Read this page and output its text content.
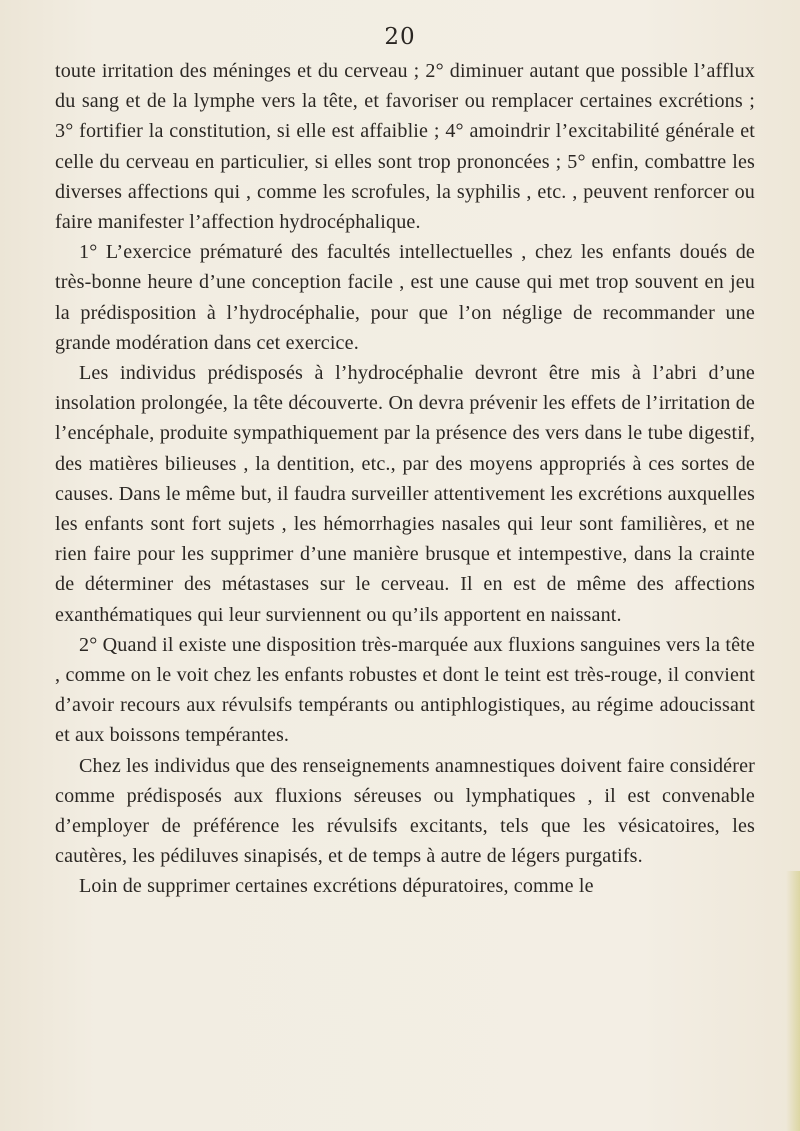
20

toute irritation des méninges et du cerveau ; 2° diminuer autant que possible l’afflux du sang et de la lymphe vers la tête, et favoriser ou remplacer certaines excrétions ; 3° fortifier la constitution, si elle est affaiblie ; 4° amoindrir l’excitabilité générale et celle du cerveau en particulier, si elles sont trop prononcées ; 5° enfin, combattre les diverses affections qui , comme les scrofules, la syphilis , etc. , peuvent renforcer ou faire manifester l’affection hydrocéphalique.

1° L’exercice prématuré des facultés intellectuelles , chez les enfants doués de très-bonne heure d’une conception facile , est une cause qui met trop souvent en jeu la prédisposition à l’hydrocéphalie, pour que l’on néglige de recommander une grande modération dans cet exercice.

Les individus prédisposés à l’hydrocéphalie devront être mis à l’abri d’une insolation prolongée, la tête découverte. On devra prévenir les effets de l’irritation de l’encéphale, produite sympathiquement par la présence des vers dans le tube digestif, des matières bilieuses , la dentition, etc., par des moyens appropriés à ces sortes de causes. Dans le même but, il faudra surveiller attentivement les excrétions auxquelles les enfants sont fort sujets , les hémorrhagies nasales qui leur sont familières, et ne rien faire pour les supprimer d’une manière brusque et intempestive, dans la crainte de déterminer des métastases sur le cerveau. Il en est de même des affections exanthématiques qui leur surviennent ou qu’ils apportent en naissant.

2° Quand il existe une disposition très-marquée aux fluxions sanguines vers la tête , comme on le voit chez les enfants robustes et dont le teint est très-rouge, il convient d’avoir recours aux révulsifs tempérants ou antiphlogistiques, au régime adoucissant et aux boissons tempérantes.

Chez les individus que des renseignements anamnestiques doivent faire considérer comme prédisposés aux fluxions séreuses ou lymphatiques , il est convenable d’employer de préférence les révulsifs excitants, tels que les vésicatoires, les cautères, les pédiluves sinapisés, et de temps à autre de légers purgatifs.

Loin de supprimer certaines excrétions dépuratoires, comme le
